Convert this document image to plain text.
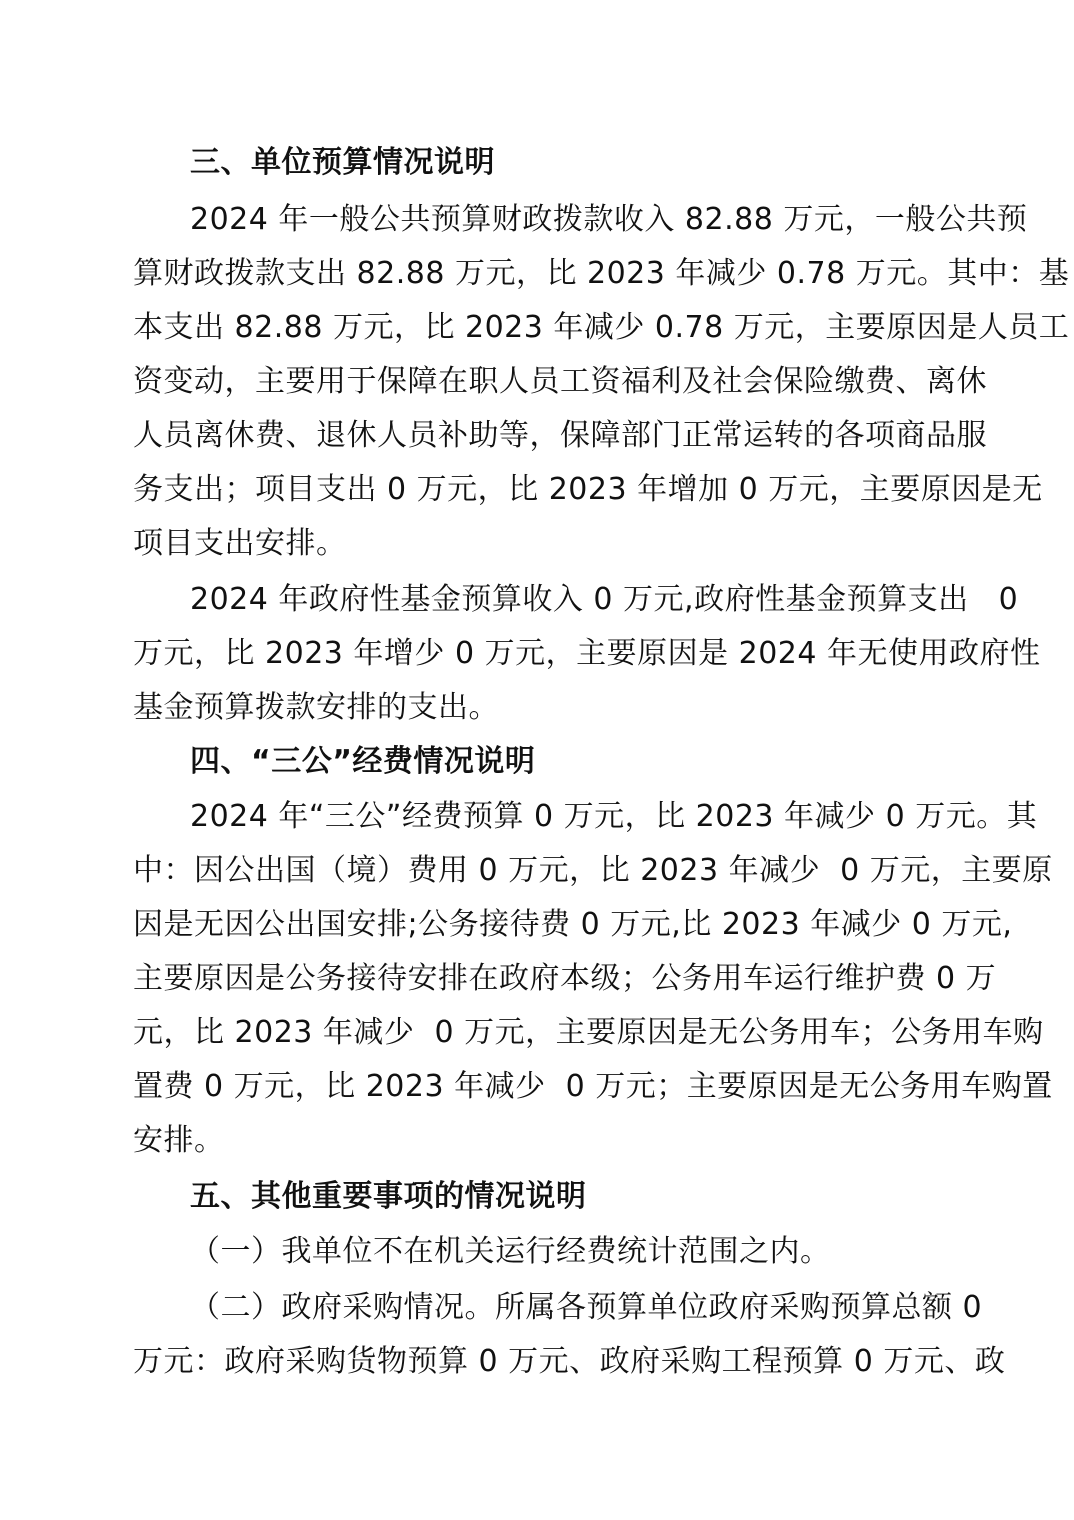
三、单位预算情况说明
2024 年一般公共预算财政拨款收入 82.88 万元，一般公共预
算财政拨款支出 82.88 万元，比 2023 年减少 0.78 万元。其中：基
本支出 82.88 万元，比 2023 年减少 0.78 万元，主要原因是人员工
资变动，主要用于保障在职人员工资福利及社会保险缴费、离休
人员离休费、退休人员补助等，保障部门正常运转的各项商品服
务支出；项目支出 0 万元，比 2023 年增加 0 万元，主要原因是无
项目支出安排。
2024 年政府性基金预算收入 0 万元,政府性基金预算支出   0
万元，比 2023 年增少 0 万元，主要原因是 2024 年无使用政府性
基金预算拨款安排的支出。
四、“三公”经费情况说明
2024 年“三公”经费预算 0 万元，比 2023 年减少 0 万元。其
中：因公出国（境）费用 0 万元，比 2023 年减少  0 万元，主要原
因是无因公出国安排;公务接待费 0 万元,比 2023 年减少 0 万元,
主要原因是公务接待安排在政府本级；公务用车运行维护费 0 万
元，比 2023 年减少  0 万元，主要原因是无公务用车；公务用车购
置费 0 万元，比 2023 年减少  0 万元；主要原因是无公务用车购置
安排。
五、其他重要事项的情况说明
（一）我单位不在机关运行经费统计范围之内。
（二）政府采购情况。所属各预算单位政府采购预算总额 0
万元：政府采购货物预算 0 万元、政府采购工程预算 0 万元、政
